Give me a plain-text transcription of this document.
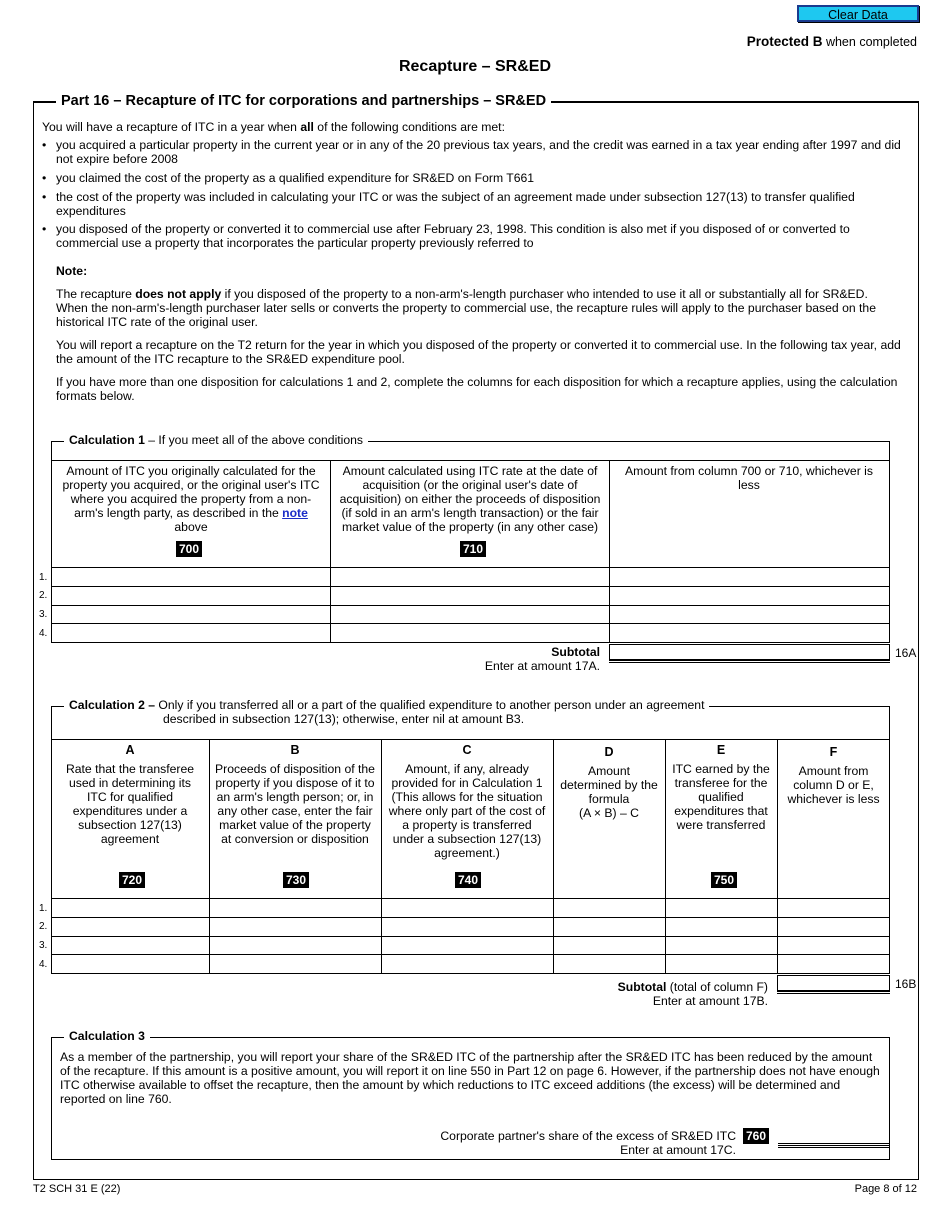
Clear Data
Protected B when completed
Recapture – SR&ED
Part 16 – Recapture of ITC for corporations and partnerships – SR&ED
You will have a recapture of ITC in a year when all of the following conditions are met:
• you acquired a particular property in the current year or in any of the 20 previous tax years, and the credit was earned in a tax year ending after 1997 and did not expire before 2008
• you claimed the cost of the property as a qualified expenditure for SR&ED on Form T661
• the cost of the property was included in calculating your ITC or was the subject of an agreement made under subsection 127(13) to transfer qualified expenditures
• you disposed of the property or converted it to commercial use after February 23, 1998. This condition is also met if you disposed of or converted to commercial use a property that incorporates the particular property previously referred to
Note:
The recapture does not apply if you disposed of the property to a non-arm's-length purchaser who intended to use it all or substantially all for SR&ED. When the non-arm's-length purchaser later sells or converts the property to commercial use, the recapture rules will apply to the purchaser based on the historical ITC rate of the original user.
You will report a recapture on the T2 return for the year in which you disposed of the property or converted it to commercial use. In the following tax year, add the amount of the ITC recapture to the SR&ED expenditure pool.
If you have more than one disposition for calculations 1 and 2, complete the columns for each disposition for which a recapture applies, using the calculation formats below.
Calculation 1 – If you meet all of the above conditions
Amount of ITC you originally calculated for the property you acquired, or the original user's ITC where you acquired the property from a non-arm's length party, as described in the note above
700
Amount calculated using ITC rate at the date of acquisition (or the original user's date of acquisition) on either the proceeds of disposition (if sold in an arm's length transaction) or the fair market value of the property (in any other case)
710
Amount from column 700 or 710, whichever is less
1.
2.
3.
4.
Subtotal
Enter at amount 17A.
16A
Calculation 2 – Only if you transferred all or a part of the qualified expenditure to another person under an agreement
described in subsection 127(13); otherwise, enter nil at amount B3.
A
Rate that the transferee used in determining its ITC for qualified expenditures under a subsection 127(13) agreement
720
B
Proceeds of disposition of the property if you dispose of it to an arm's length person; or, in any other case, enter the fair market value of the property at conversion or disposition
730
C
Amount, if any, already provided for in Calculation 1 (This allows for the situation where only part of the cost of a property is transferred under a subsection 127(13) agreement.)
740
D
Amount determined by the formula
(A × B) – C
E
ITC earned by the transferee for the qualified expenditures that were transferred
750
F
Amount from column D or E, whichever is less
1.
2.
3.
4.
Subtotal (total of column F)
Enter at amount 17B.
16B
Calculation 3
As a member of the partnership, you will report your share of the SR&ED ITC of the partnership after the SR&ED ITC has been reduced by the amount of the recapture. If this amount is a positive amount, you will report it on line 550 in Part 12 on page 6. However, if the partnership does not have enough ITC otherwise available to offset the recapture, then the amount by which reductions to ITC exceed additions (the excess) will be determined and reported on line 760.
Corporate partner's share of the excess of SR&ED ITC 760
Enter at amount 17C.
T2 SCH 31 E (22)	Page 8 of 12
